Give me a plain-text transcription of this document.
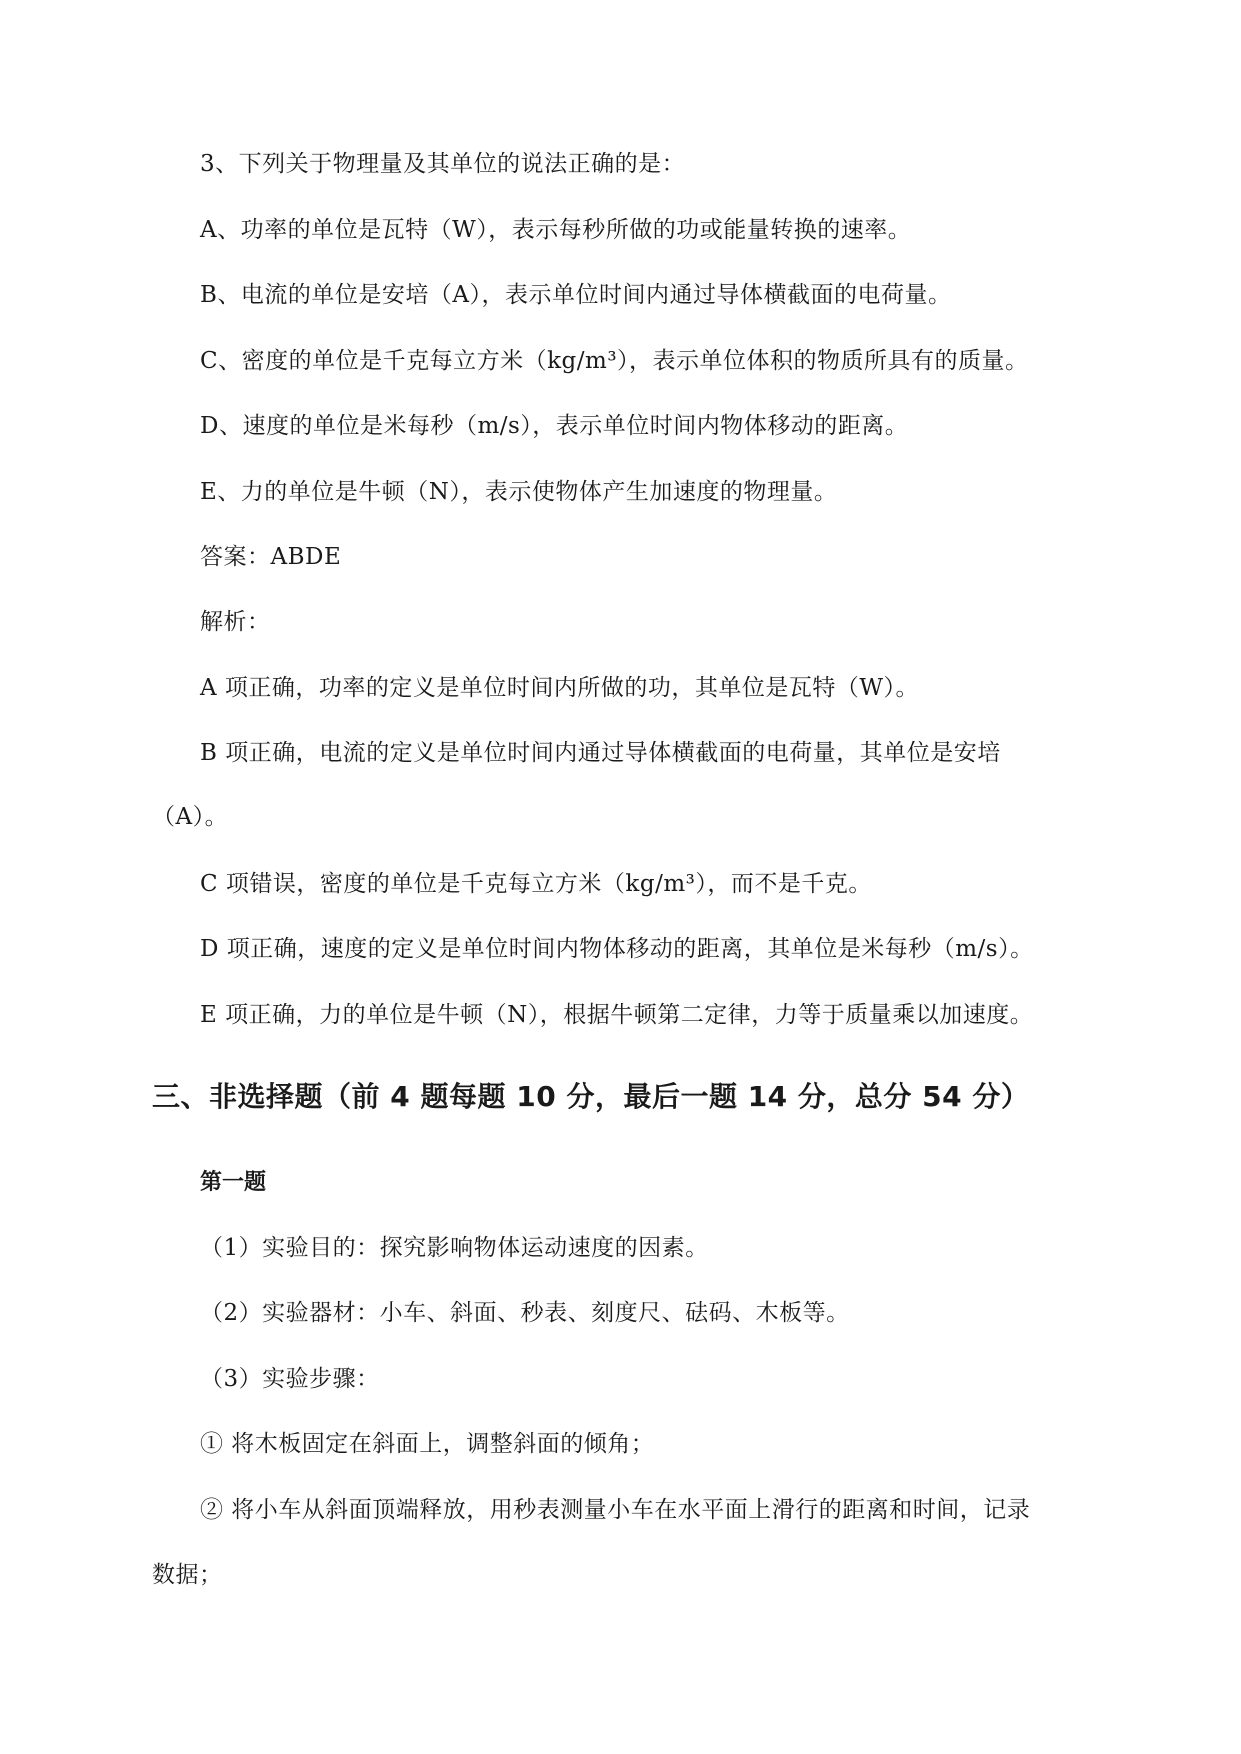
3、下列关于物理量及其单位的说法正确的是：
A、功率的单位是瓦特（W），表示每秒所做的功或能量转换的速率。
B、电流的单位是安培（A），表示单位时间内通过导体横截面的电荷量。
C、密度的单位是千克每立方米（kg/m³），表示单位体积的物质所具有的质量。
D、速度的单位是米每秒（m/s），表示单位时间内物体移动的距离。
E、力的单位是牛顿（N），表示使物体产生加速度的物理量。
答案：ABDE
解析：
A 项正确，功率的定义是单位时间内所做的功，其单位是瓦特（W）。
B 项正确，电流的定义是单位时间内通过导体横截面的电荷量，其单位是安培
（A）。
C 项错误，密度的单位是千克每立方米（kg/m³），而不是千克。
D 项正确，速度的定义是单位时间内物体移动的距离，其单位是米每秒（m/s）。
E 项正确，力的单位是牛顿（N），根据牛顿第二定律，力等于质量乘以加速度。
三、非选择题（前 4 题每题 10 分，最后一题 14 分，总分 54 分）
第一题
（1）实验目的：探究影响物体运动速度的因素。
（2）实验器材：小车、斜面、秒表、刻度尺、砝码、木板等。
（3）实验步骤：
① 将木板固定在斜面上，调整斜面的倾角；
② 将小车从斜面顶端释放，用秒表测量小车在水平面上滑行的距离和时间，记录
数据；
